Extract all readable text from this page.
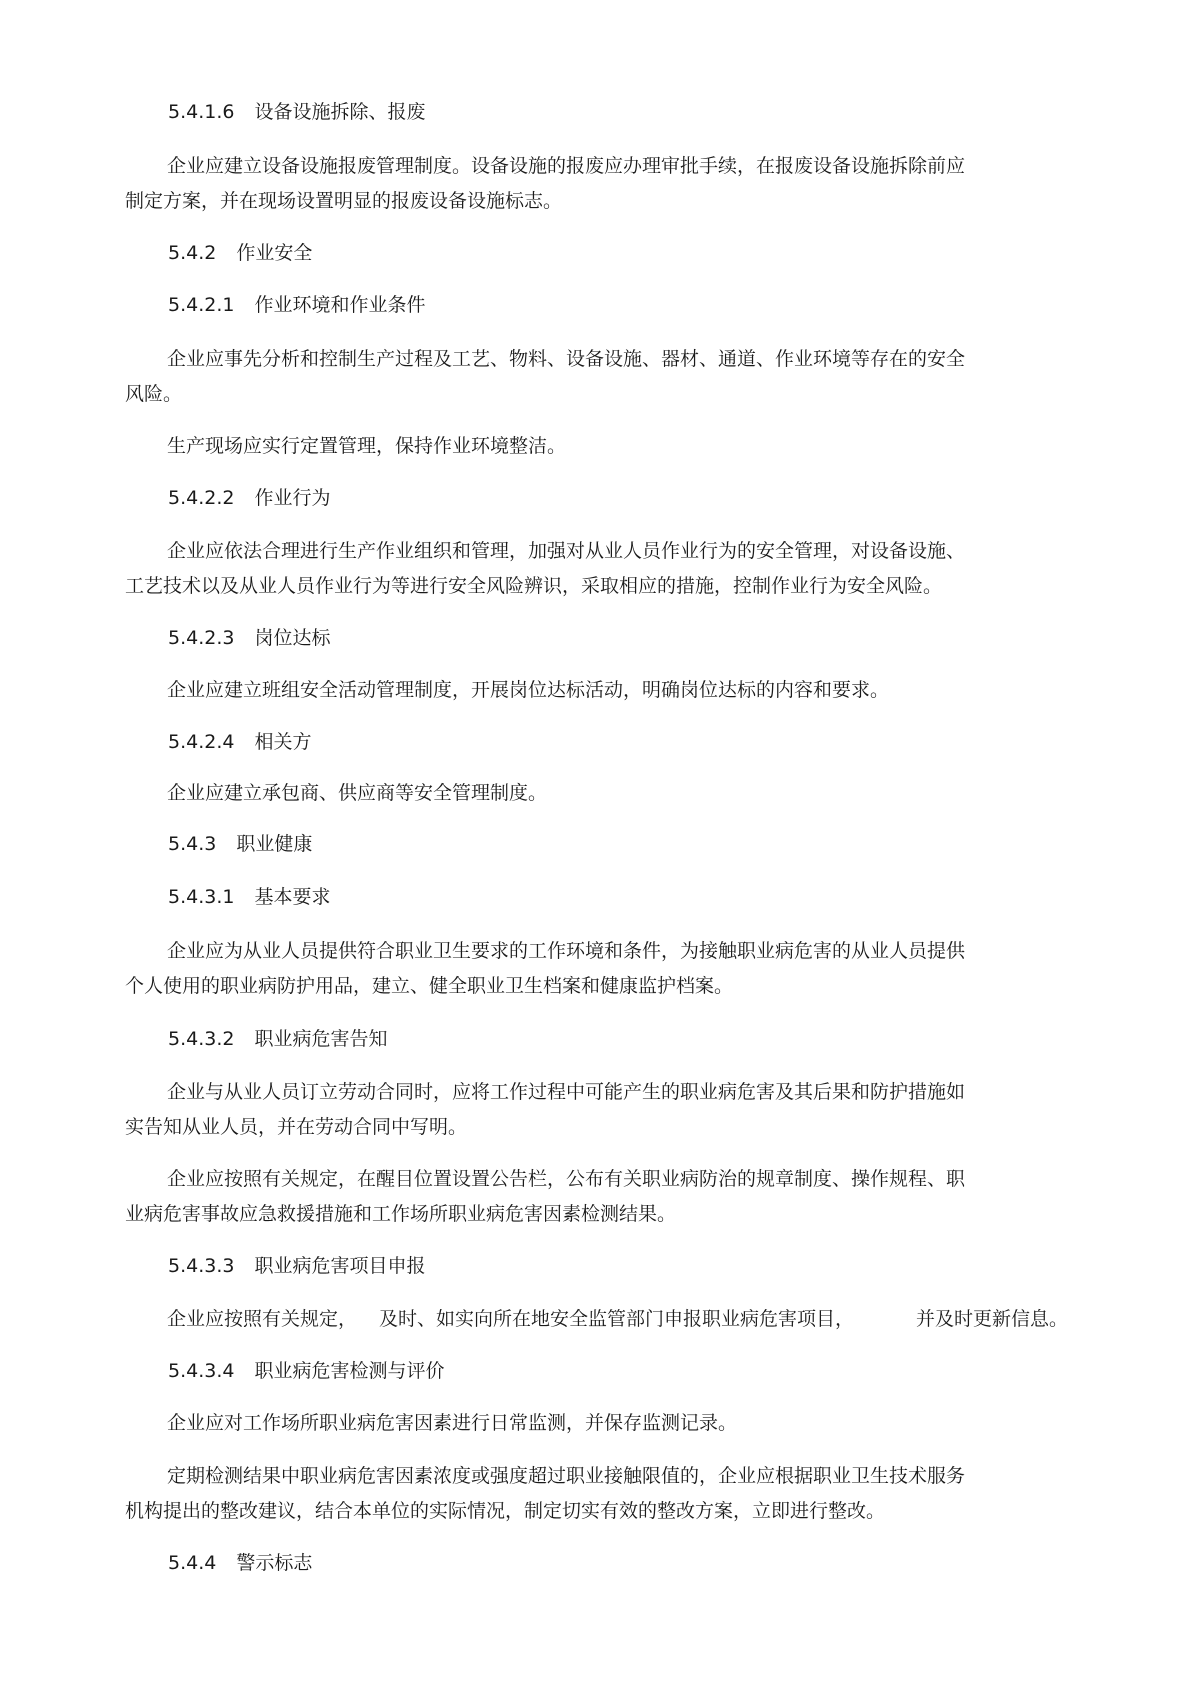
5.4.1.6 设备设施拆除、报废
企业应建立设备设施报废管理制度。设备设施的报废应办理审批手续，在报废设备设施拆除前应
制定方案，并在现场设置明显的报废设备设施标志。
5.4.2 作业安全
5.4.2.1 作业环境和作业条件
企业应事先分析和控制生产过程及工艺、物料、设备设施、器材、通道、作业环境等存在的安全
风险。
生产现场应实行定置管理，保持作业环境整洁。
5.4.2.2 作业行为
企业应依法合理进行生产作业组织和管理，加强对从业人员作业行为的安全管理，对设备设施、
工艺技术以及从业人员作业行为等进行安全风险辨识，采取相应的措施，控制作业行为安全风险。
5.4.2.3 岗位达标
企业应建立班组安全活动管理制度，开展岗位达标活动，明确岗位达标的内容和要求。
5.4.2.4 相关方
企业应建立承包商、供应商等安全管理制度。
5.4.3 职业健康
5.4.3.1 基本要求
企业应为从业人员提供符合职业卫生要求的工作环境和条件，为接触职业病危害的从业人员提供
个人使用的职业病防护用品，建立、健全职业卫生档案和健康监护档案。
5.4.3.2 职业病危害告知
企业与从业人员订立劳动合同时，应将工作过程中可能产生的职业病危害及其后果和防护措施如
实告知从业人员，并在劳动合同中写明。
企业应按照有关规定，在醒目位置设置公告栏，公布有关职业病防治的规章制度、操作规程、职
业病危害事故应急救援措施和工作场所职业病危害因素检测结果。
5.4.3.3 职业病危害项目申报
企业应按照有关规定， 及时、如实向所在地安全监管部门申报职业病危害项目，	并及时更新信息。
5.4.3.4 职业病危害检测与评价
企业应对工作场所职业病危害因素进行日常监测，并保存监测记录。
定期检测结果中职业病危害因素浓度或强度超过职业接触限值的，企业应根据职业卫生技术服务
机构提出的整改建议，结合本单位的实际情况，制定切实有效的整改方案，立即进行整改。
5.4.4 警示标志
